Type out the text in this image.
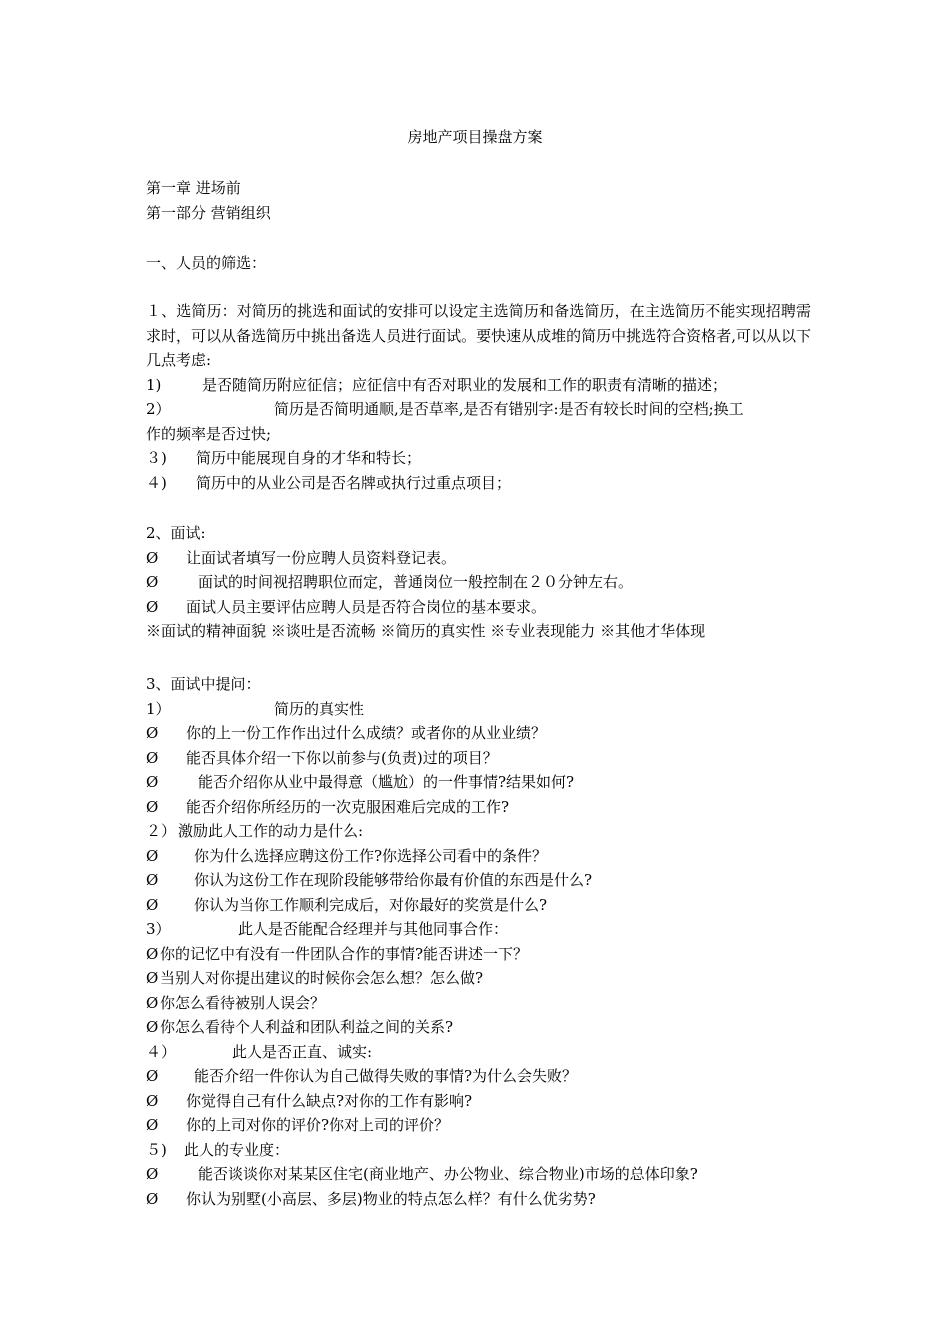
房地产项目操盘方案
第一章 进场前
第一部分 营销组织
一、人员的筛选：
１、选简历：对简历的挑选和面试的安排可以设定主选简历和备选简历，在主选简历不能实现招聘需求时，可以从备选简历中挑出备选人员进行面试。要快速从成堆的简历中挑选符合资格者,可以从以下几点考虑:
1)	是否随简历附应征信；应征信中有否对职业的发展和工作的职责有清晰的描述；
2）	简历是否简明通顺,是否草率,是否有错别字:是否有较长时间的空档;换工
作的频率是否过快;
３) 简历中能展现自身的才华和特长；
４) 简历中的从业公司是否名牌或执行过重点项目；
2、面试:
Ø 让面试者填写一份应聘人员资料登记表。
Ø	面试的时间视招聘职位而定，普通岗位一般控制在２０分钟左右。
Ø 面试人员主要评估应聘人员是否符合岗位的基本要求。
※面试的精神面貌 ※谈吐是否流畅 ※简历的真实性 ※专业表现能力 ※其他才华体现
3、面试中提问：
1）	简历的真实性
Ø 你的上一份工作作出过什么成绩？或者你的从业业绩？
Ø 能否具体介绍一下你以前参与(负责)过的项目？
Ø	能否介绍你从业中最得意（尴尬）的一件事情?结果如何?
Ø 能否介绍你所经历的一次克服困难后完成的工作?
２） 激励此人工作的动力是什么:
Ø 你为什么选择应聘这份工作?你选择公司看中的条件？
Ø 你认为这份工作在现阶段能够带给你最有价值的东西是什么?
Ø 你认为当你工作顺利完成后，对你最好的奖赏是什么?
3）	此人是否能配合经理并与其他同事合作：
Ø 你的记忆中有没有一件团队合作的事情?能否讲述一下？
Ø 当别人对你提出建议的时候你会怎么想？怎么做?
Ø 你怎么看待被别人误会？
Ø 你怎么看待个人利益和团队利益之间的关系?
４）	此人是否正直、诚实:
Ø 能否介绍一件你认为自己做得失败的事情?为什么会失败？
Ø 你觉得自己有什么缺点?对你的工作有影响?
Ø 你的上司对你的评价?你对上司的评价？
５) 此人的专业度：
Ø	能否谈谈你对某某区住宅(商业地产、办公物业、综合物业)市场的总体印象?
Ø 你认为别墅(小高层、多层)物业的特点怎么样？有什么优劣势?
